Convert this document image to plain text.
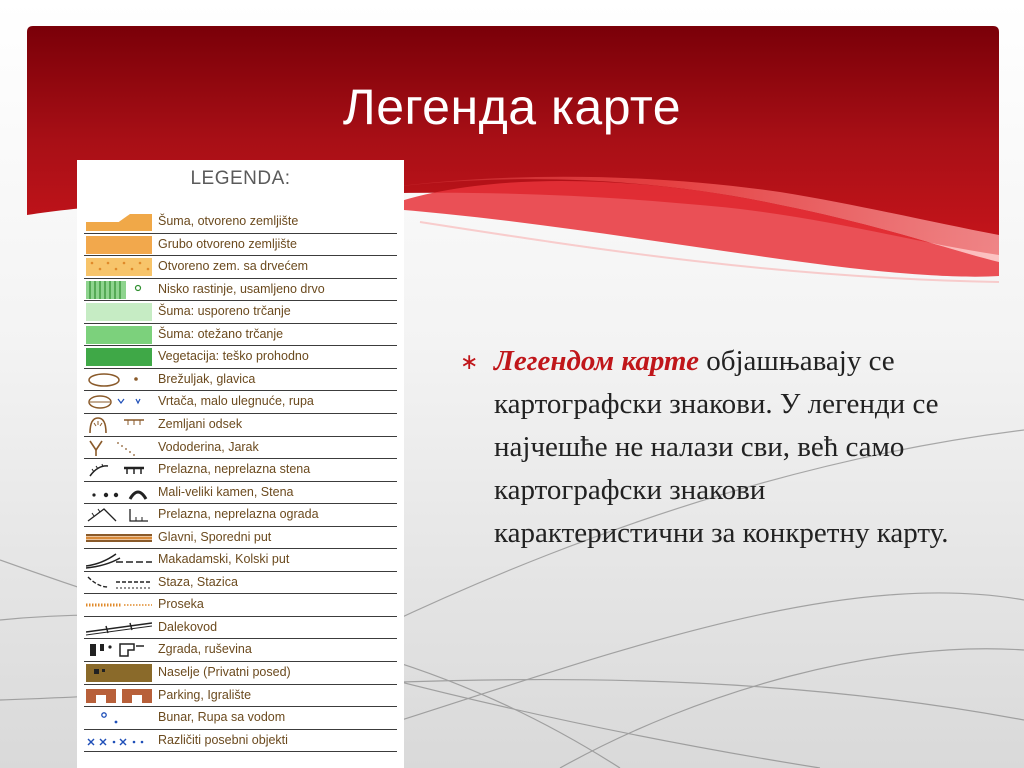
Легенда карте
LEGENDA:
Šuma, otvoreno zemljište
Grubo otvoreno zemljište
Otvoreno zem. sa drvećem
Nisko rastinje, usamljeno drvo
Šuma: usporeno trčanje
Šuma: otežano trčanje
Vegetacija: teško prohodno
Brežuljak, glavica
Vrtača, malo ulegnuće, rupa
Zemljani odsek
Vododerina, Jarak
Prelazna, neprelazna stena
Mali-veliki kamen, Stena
Prelazna, neprelazna ograda
Glavni, Sporedni put
Makadamski, Kolski put
Staza, Stazica
Proseka
Dalekovod
Zgrada, ruševina
Naselje (Privatni posed)
Parking, Igralište
Bunar, Rupa sa vodom
Različiti posebni objekti
∗ Легендом карте објашњавају се картографски знакови. У легенди се најчешће не налази сви, већ само картографски знакови карактеристични за конкретну карту.
